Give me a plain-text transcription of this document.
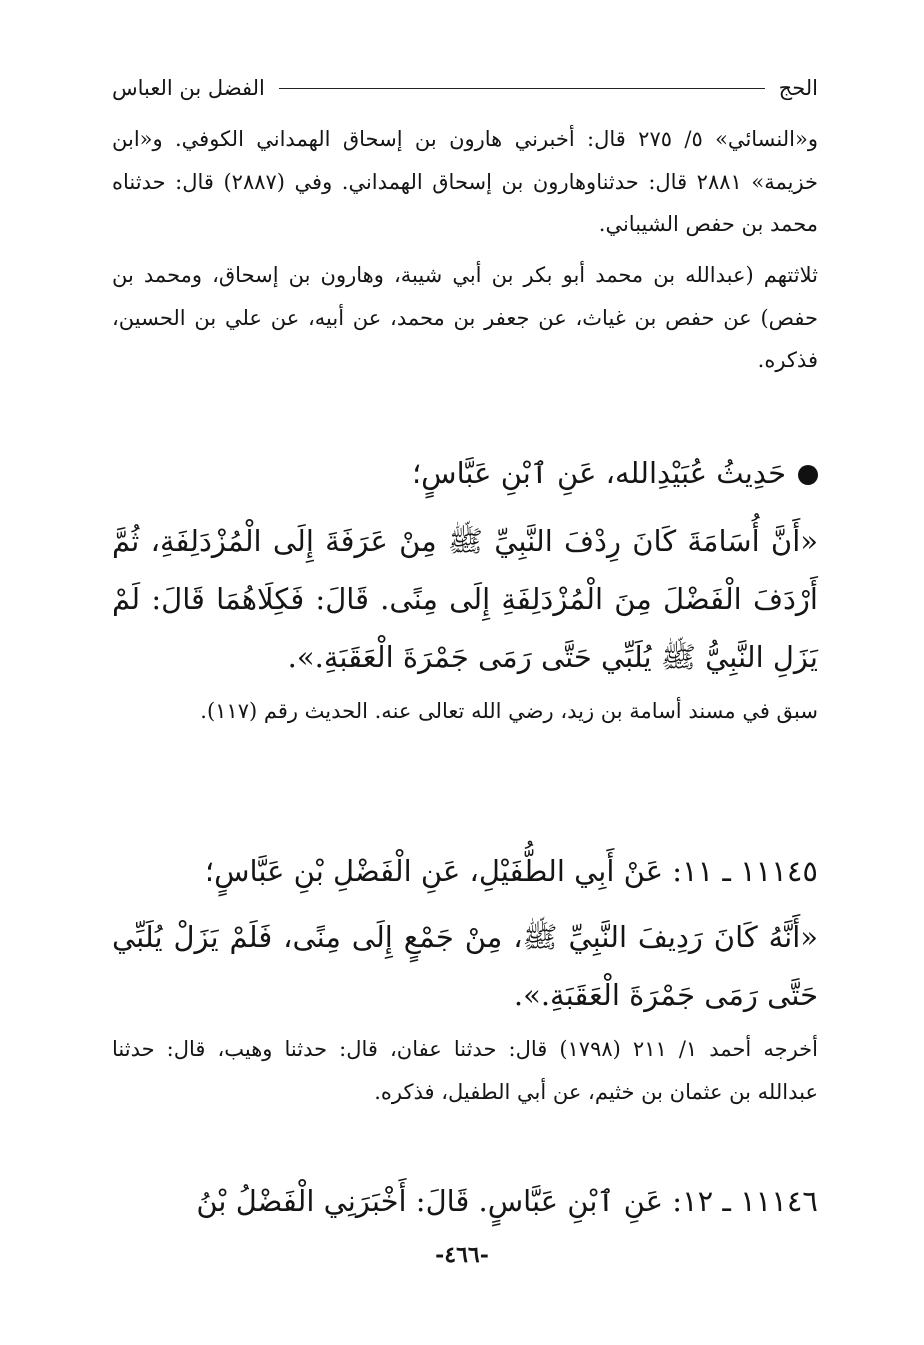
الحج
الفضل بن العباس
و«النسائي» ٥/ ٢٧٥ قال: أخبرني هارون بن إسحاق الهمداني الكوفي. و«ابن خزيمة» ٢٨٨١ قال: حدثناوهارون بن إسحاق الهمداني. وفي (٢٨٨٧) قال: حدثناه محمد بن حفص الشيباني.
ثلاثتهم (عبدالله بن محمد أبو بكر بن أبي شيبة، وهارون بن إسحاق، ومحمد بن حفص) عن حفص بن غياث، عن جعفر بن محمد، عن أبيه، عن علي بن الحسين، فذكره.
حَدِيثُ عُبَيْدِالله، عَنِ ٱبْنِ عَبَّاسٍ؛
«أَنَّ أُسَامَةَ كَانَ رِدْفَ النَّبِيِّ ﷺ مِنْ عَرَفَةَ إِلَى الْمُزْدَلِفَةِ، ثُمَّ أَرْدَفَ الْفَضْلَ مِنَ الْمُزْدَلِفَةِ إِلَى مِنًى. قَالَ: فَكِلَاهُمَا قَالَ: لَمْ يَزَلِ النَّبِيُّ ﷺ يُلَبِّي حَتَّى رَمَى جَمْرَةَ الْعَقَبَةِ.».
سبق في مسند أسامة بن زيد، رضي الله تعالى عنه. الحديث رقم (١١٧).
١١١٤٥ ـ ١١: عَنْ أَبِي الطُّفَيْلِ، عَنِ الْفَضْلِ بْنِ عَبَّاسٍ؛
«أَنَّهُ كَانَ رَدِيفَ النَّبِيِّ ﷺ، مِنْ جَمْعٍ إِلَى مِنًى، فَلَمْ يَزَلْ يُلَبِّي حَتَّى رَمَى جَمْرَةَ الْعَقَبَةِ.».
أخرجه أحمد ١/ ٢١١ (١٧٩٨) قال: حدثنا عفان، قال: حدثنا وهيب، قال: حدثنا عبدالله بن عثمان بن خثيم، عن أبي الطفيل، فذكره.
١١١٤٦ ـ ١٢: عَنِ ٱبْنِ عَبَّاسٍ. قَالَ: أَخْبَرَنِي الْفَضْلُ بْنُ
-٤٦٦-
